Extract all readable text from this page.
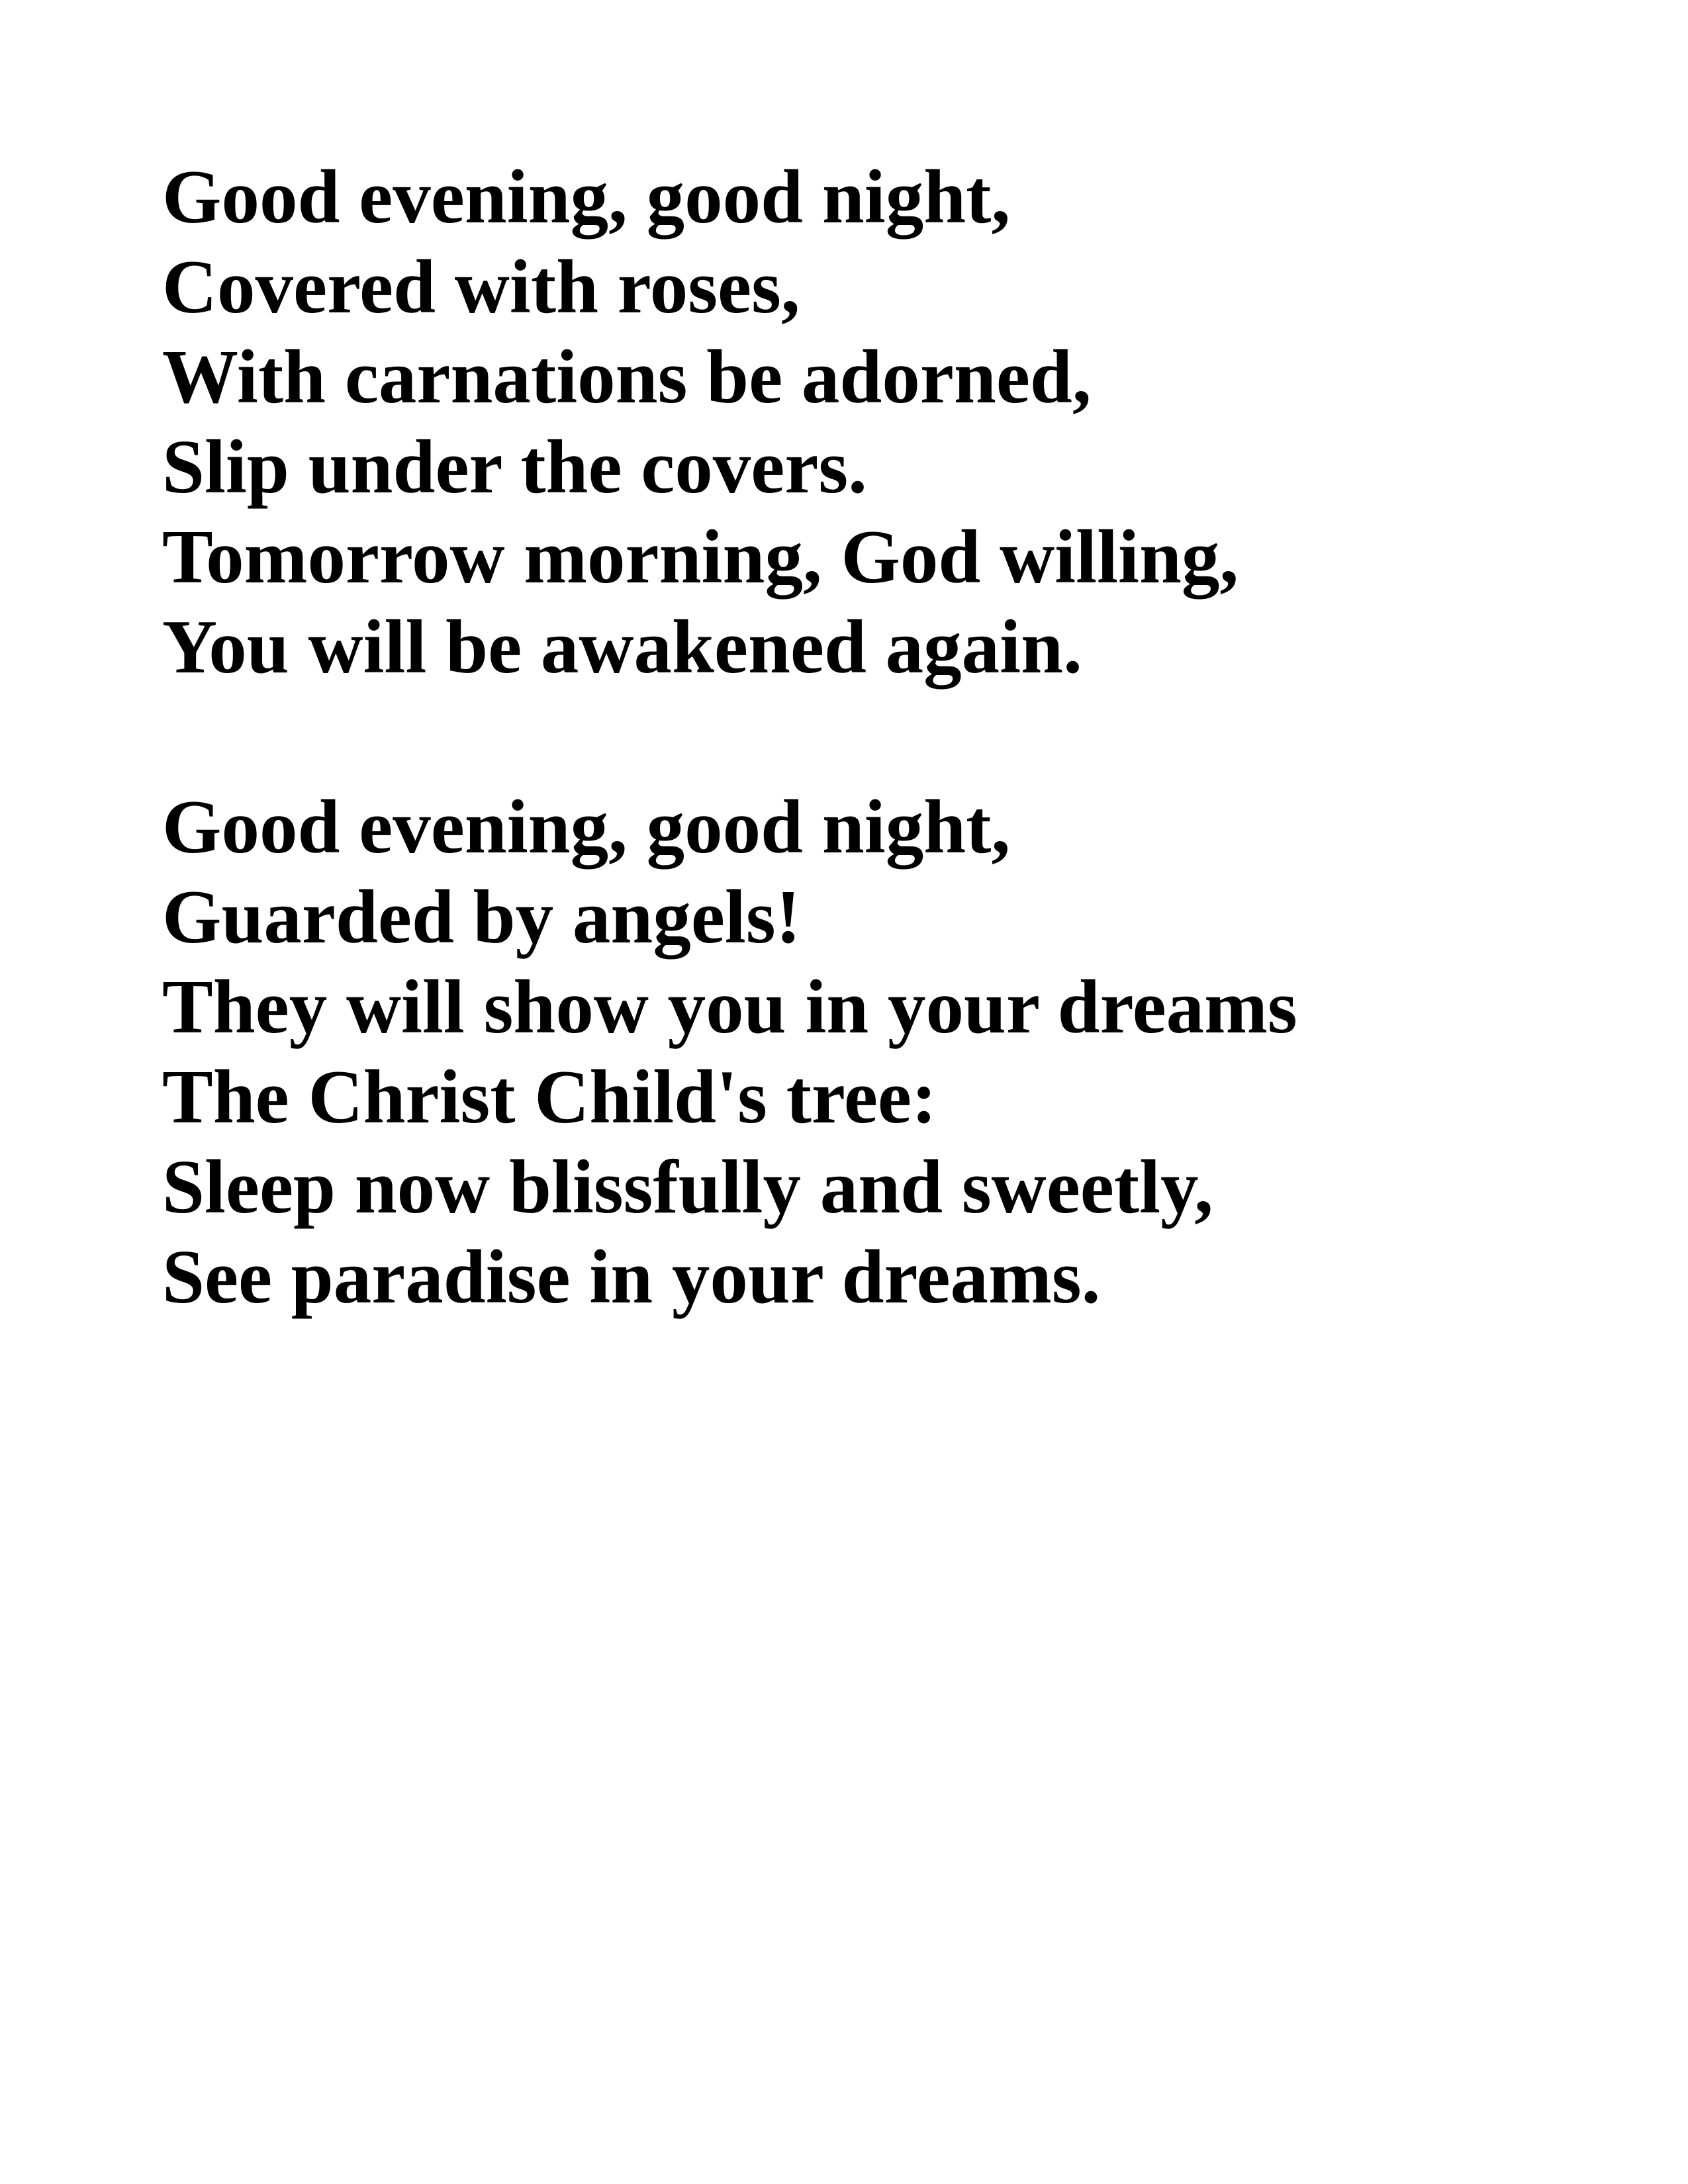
Good evening, good night,

Covered with roses,

With carnations be adorned,

Slip under the covers.

Tomorrow morning, God willing,

You will be awakened again.

Good evening, good night,

Guarded by angels!

They will show you in your dreams

The Christ Child's tree:

Sleep now blissfully and sweetly,

See paradise in your dreams.
